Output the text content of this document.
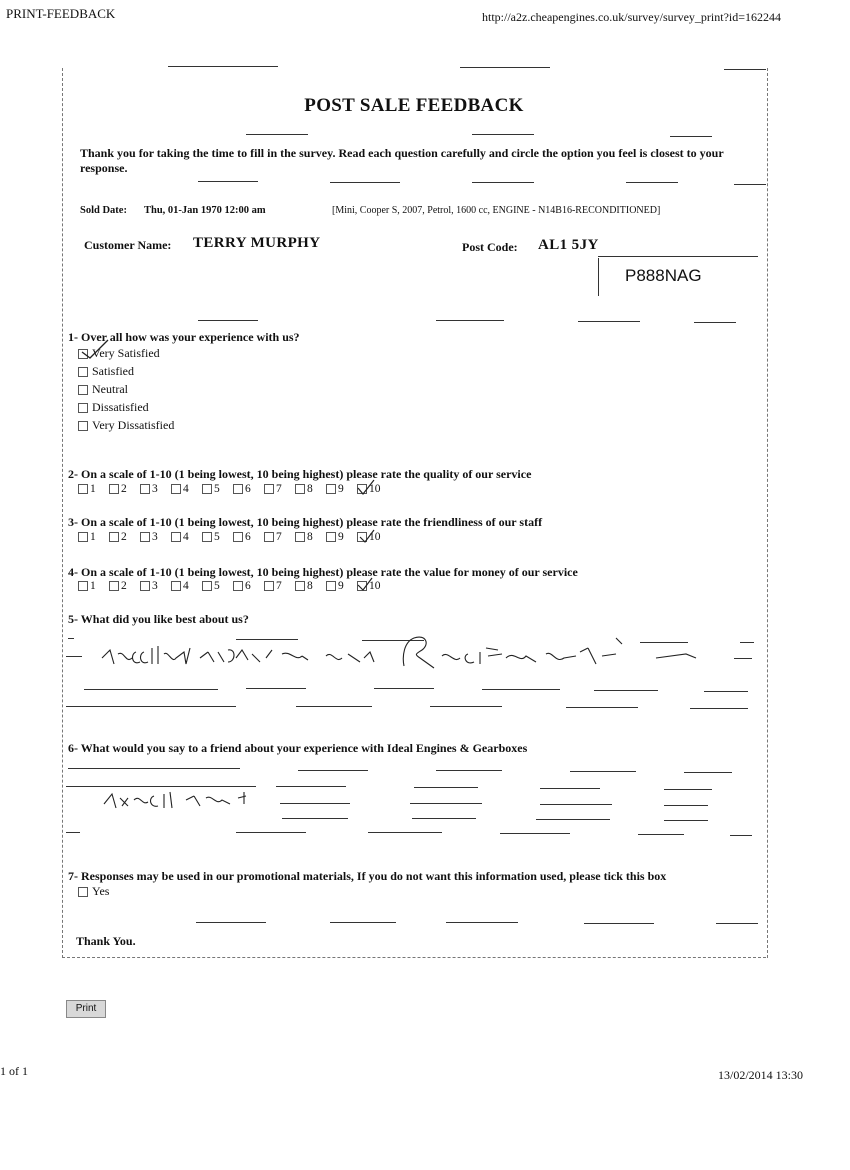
PRINT-FEEDBACK	http://a2z.cheapengines.co.uk/survey/survey_print?id=162244
POST SALE FEEDBACK
Thank you for taking the time to fill in the survey. Read each question carefully and circle the option you feel is closest to your response.
Sold Date: Thu, 01-Jan 1970 12:00 am	[Mini, Cooper S, 2007, Petrol, 1600 cc, ENGINE - N14B16-RECONDITIONED]
Customer Name: TERRY MURPHY	Post Code: AL1 5JY
P888NAG
1- Over all how was your experience with us?
Very Satisfied
Satisfied
Neutral
Dissatisfied
Very Dissatisfied
2- On a scale of 1-10 (1 being lowest, 10 being highest) please rate the quality of our service
1 2 3 4 5 6 7 8 9 10
3- On a scale of 1-10 (1 being lowest, 10 being highest) please rate the friendliness of our staff
1 2 3 4 5 6 7 8 9 10
4- On a scale of 1-10 (1 being lowest, 10 being highest) please rate the value for money of our service
1 2 3 4 5 6 7 8 9 10
5- What did you like best about us?
6- What would you say to a friend about your experience with Ideal Engines & Gearboxes
7- Responses may be used in our promotional materials, If you do not want this information used, please tick this box
Yes
Thank You.
Print
1 of 1	13/02/2014 13:30
